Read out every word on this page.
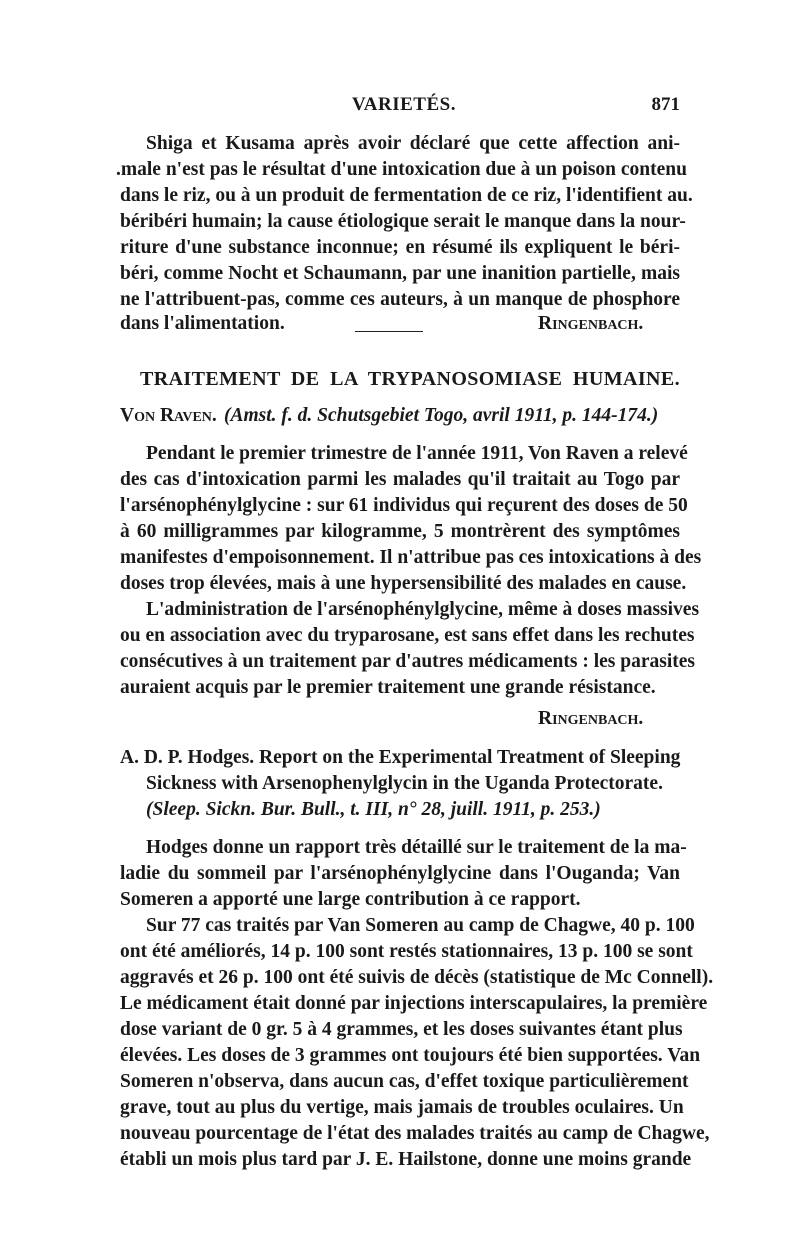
VARIETÉS.	871
Shiga et Kusama après avoir déclaré que cette affection ani-
.male n'est pas le résultat d'une intoxication due à un poison contenu
dans le riz, ou à un produit de fermentation de ce riz, l'identifient au.
béribéri humain; la cause étiologique serait le manque dans la nour-
riture d'une substance inconnue; en résumé ils expliquent le béri-
béri, comme Nocht et Schaumann, par une inanition partielle, mais
ne l'attribuent-pas, comme ces auteurs, à un manque de phosphore
dans l'alimentation.	Ringenbach.
TRAITEMENT DE LA TRYPANOSOMIASE HUMAINE.
Von Raven. (Amst. f. d. Schutsgebiet Togo, avril 1911, p. 144-174.)
Pendant le premier trimestre de l'année 1911, Von Raven a relevé
des cas d'intoxication parmi les malades qu'il traitait au Togo par
l'arsénophénylglycine : sur 61 individus qui reçurent des doses de 50
à 60 milligrammes par kilogramme, 5 montrèrent des symptômes
manifestes d'empoisonnement. Il n'attribue pas ces intoxications à des
doses trop élevées, mais à une hypersensibilité des malades en cause.
L'administration de l'arsénophénylglycine, même à doses massives
ou en association avec du tryparosane, est sans effet dans les rechutes
consécutives à un traitement par d'autres médicaments : les parasites
auraient acquis par le premier traitement une grande résistance.
Ringenbach.
A. D. P. Hodges. Report on the Experimental Treatment of Sleeping
Sickness with Arsenophenylglycin in the Uganda Protectorate.
(Sleep. Sickn. Bur. Bull., t. III, n° 28, juill. 1911, p. 253.)
Hodges donne un rapport très détaillé sur le traitement de la ma-
ladie du sommeil par l'arsénophénylglycine dans l'Ouganda; Van
Someren a apporté une large contribution à ce rapport.
Sur 77 cas traités par Van Someren au camp de Chagwe, 40 p. 100
ont été améliorés, 14 p. 100 sont restés stationnaires, 13 p. 100 se sont
aggravés et 26 p. 100 ont été suivis de décès (statistique de Mc Connell).
Le médicament était donné par injections interscapulaires, la première
dose variant de 0 gr. 5 à 4 grammes, et les doses suivantes étant plus
élevées. Les doses de 3 grammes ont toujours été bien supportées. Van
Someren n'observa, dans aucun cas, d'effet toxique particulièrement
grave, tout au plus du vertige, mais jamais de troubles oculaires. Un
nouveau pourcentage de l'état des malades traités au camp de Chagwe,
établi un mois plus tard par J. E. Hailstone, donne une moins grande
